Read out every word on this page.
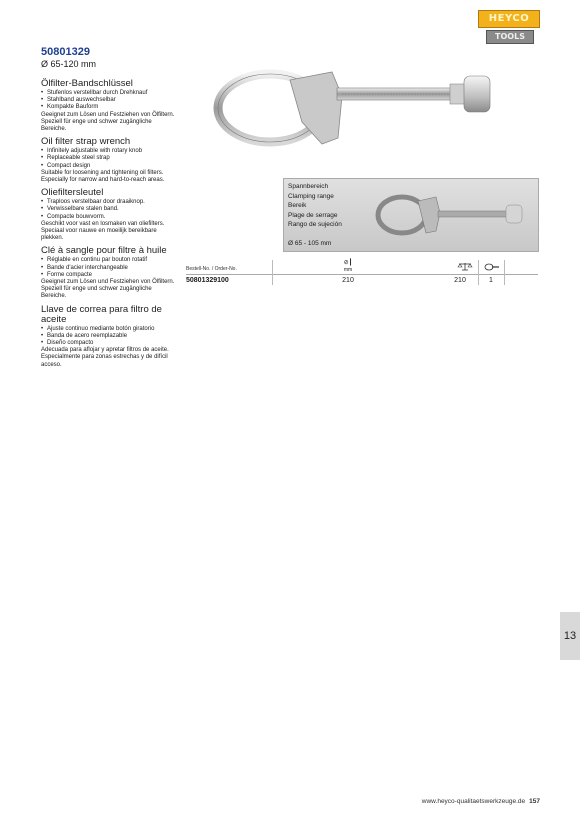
HEYCO
TOOLS

50801329

Ø 65-120 mm

Ölfilter-Bandschlüssel
• Stufenlos verstellbar durch Drehknauf
• Stahlband auswechselbar
• Kompakte Bauform

Geeignet zum Lösen und Festziehen von Ölfiltern. Speziell für enge und schwer zugängliche Bereiche.

Oil filter strap wrench
• Infinitely adjustable with rotary knob
• Replaceable steel strap
• Compact design

Suitable for loosening and tightening oil filters. Especially for narrow and hard-to-reach areas.

Oliefiltersleutel
• Traploos verstelbaar door draaiknop.
• Verwisselbare stalen band.
• Compacte bouwvorm.

Geschikt voor vast en losmaken van oliefilters. Speciaal voor nauwe en moeilijk bereikbare plekken.

Clé à sangle pour filtre à huile
• Réglable en continu par bouton rotatif
• Bande d'acier interchangeable
• Forme compacte

Geeignet zum Lösen und Festziehen von Ölfiltern. Speziell für enge und schwer zugängliche Bereiche.

Llave de correa para filtro de aceite
• Ajuste continuo mediante botón giratorio
• Banda de acero reemplazable
• Diseño compacto

Adecuada para aflojar y apretar filtros de aceite. Especialmente para zonas estrechas y de difícil acceso.

Spannbereich
Clamping range
Bereik
Plage de serrage
Rango de sujeción
Ø 65 - 105 mm
Bestell-No. / Order-No.
⊘┃
mm
50801329100	210	210	1
13
www.heyco-qualitaetswerkzeuge.de 157
